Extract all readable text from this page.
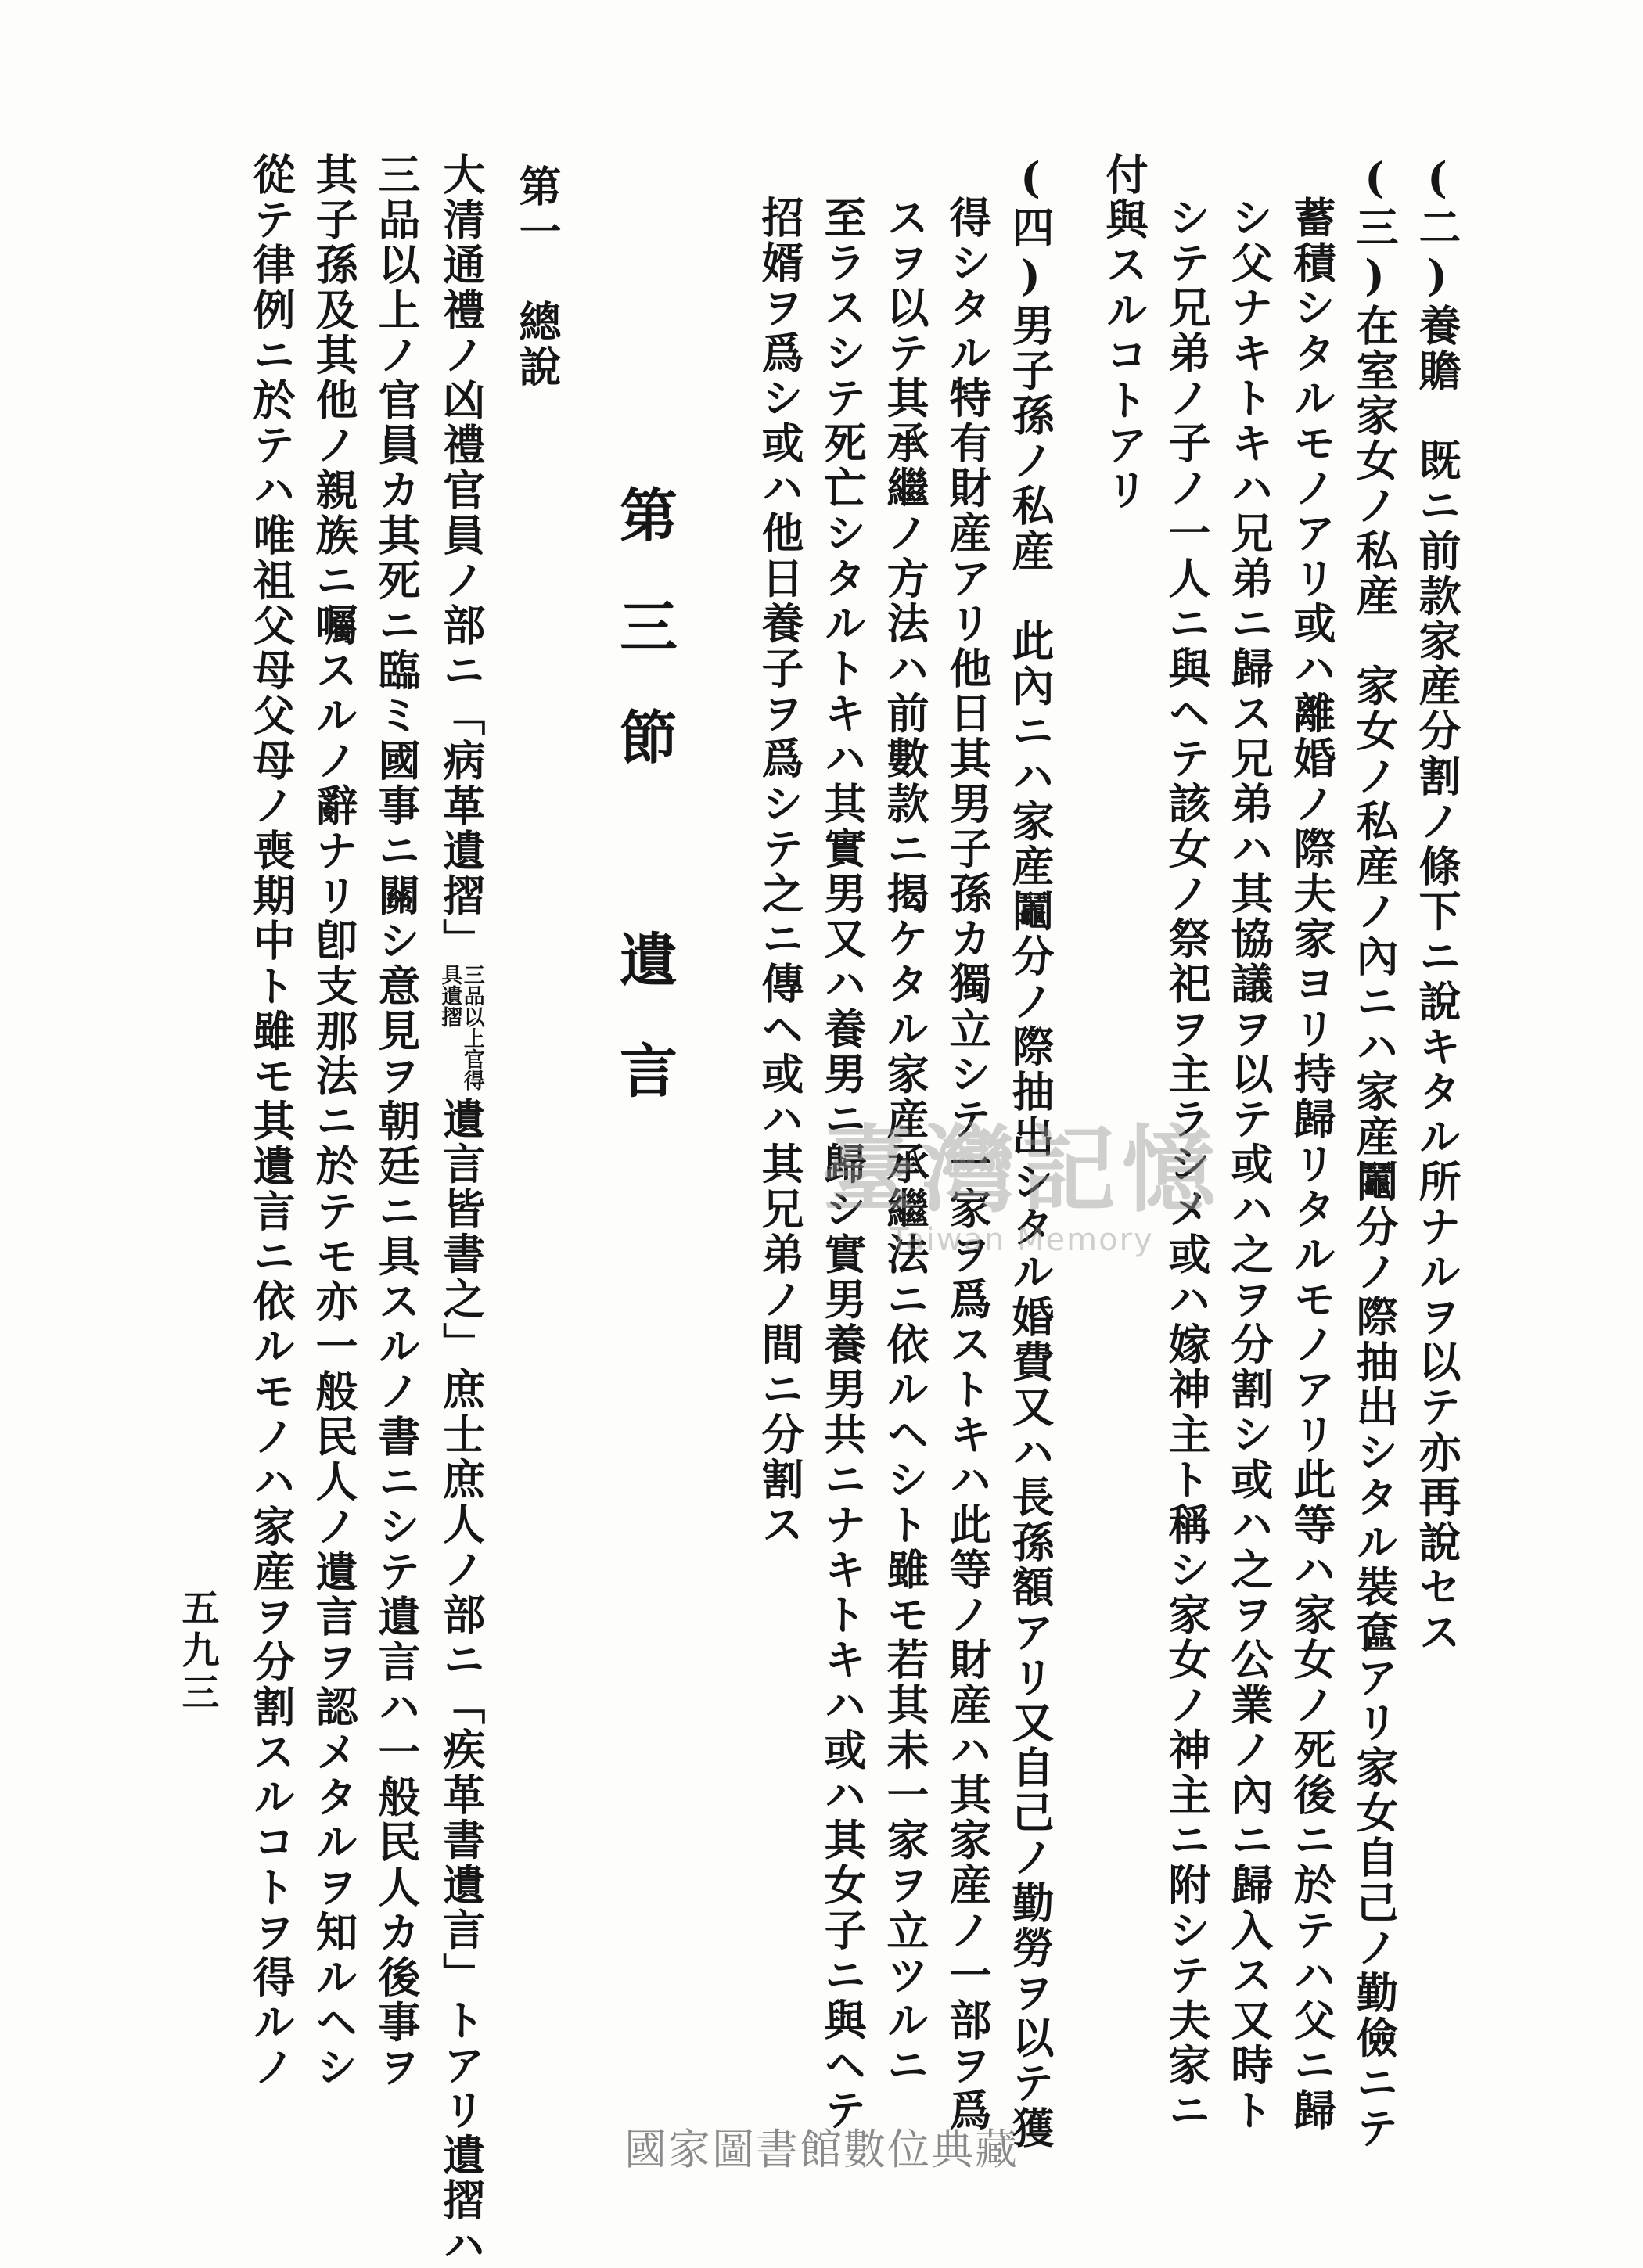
(二)養贍　既ニ前款家産分割ノ條下ニ說キタル所ナルヲ以テ亦再說セス
(三)在室家女ノ私産　家女ノ私産ノ內ニハ家産鬮分ノ際抽出シタル裝奩アリ家女自己ノ勤儉ニテ
蓄積シタルモノアリ或ハ離婚ノ際夫家ヨリ持歸リタルモノアリ此等ハ家女ノ死後ニ於テハ父ニ歸
シ父ナキトキハ兄弟ニ歸ス兄弟ハ其協議ヲ以テ或ハ之ヲ分割シ或ハ之ヲ公業ノ內ニ歸入ス又時ト
シテ兄弟ノ子ノ一人ニ與ヘテ該女ノ祭祀ヲ主ラシメ或ハ嫁神主ト稱シ家女ノ神主ニ附シテ夫家ニ
付與スルコトアリ
(四)男子孫ノ私産　此內ニハ家産鬮分ノ際抽出シタル婚費又ハ長孫額アリ又自己ノ勤勞ヲ以テ獲
得シタル特有財産アリ他日其男子孫カ獨立シテ一家ヲ爲ストキハ此等ノ財産ハ其家産ノ一部ヲ爲
スヲ以テ其承繼ノ方法ハ前數款ニ揭ケタル家産承繼法ニ依ルヘシト雖モ若其未一家ヲ立ツルニ
至ラスシテ死亡シタルトキハ其實男又ハ養男ニ歸シ實男養男共ニナキトキハ或ハ其女子ニ與ヘテ
招婿ヲ爲シ或ハ他日養子ヲ爲シテ之ニ傳ヘ或ハ其兄弟ノ間ニ分割ス
第三節　遺言
第一　總說
大清通禮ノ凶禮官員ノ部ニ「病革遺摺」三品以上官得具遺摺遺言皆書之」庶士庶人ノ部ニ「疾革書遺言」トアリ遺摺ハ
三品以上ノ官員カ其死ニ臨ミ國事ニ關シ意見ヲ朝廷ニ具スルノ書ニシテ遺言ハ一般民人カ後事ヲ
其子孫及其他ノ親族ニ囑スルノ辭ナリ卽支那法ニ於テモ亦一般民人ノ遺言ヲ認メタルヲ知ルヘシ
從テ律例ニ於テハ唯祖父母父母ノ喪期中ト雖モ其遺言ニ依ルモノハ家産ヲ分割スルコトヲ得ルノ
五九三
臺灣記憶
Taiwan Memory
國家圖書館數位典藏
